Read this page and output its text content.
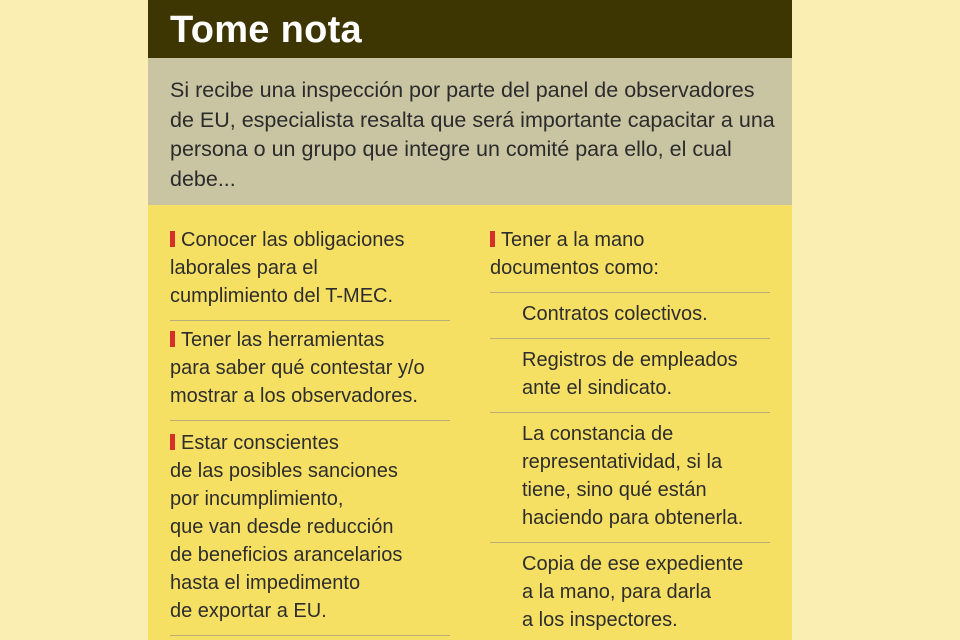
Tome nota
Si recibe una inspección por parte del panel de observadores de EU, especialista resalta que será importante capacitar a una persona o un grupo que integre un comité para ello, el cual debe...
Conocer las obligaciones
laborales para el
cumplimiento del T-MEC.
Tener las herramientas
para saber qué contestar y/o
mostrar a los observadores.
Estar conscientes
de las posibles sanciones
por incumplimiento,
que van desde reducción
de beneficios arancelarios
hasta el impedimento
de exportar a EU.
Tener a la mano
documentos como:
Contratos colectivos.
Registros de empleados
ante el sindicato.
La constancia de
representatividad, si la
tiene, sino qué están
haciendo para obtenerla.
Copia de ese expediente
a la mano, para darla
a los inspectores.
